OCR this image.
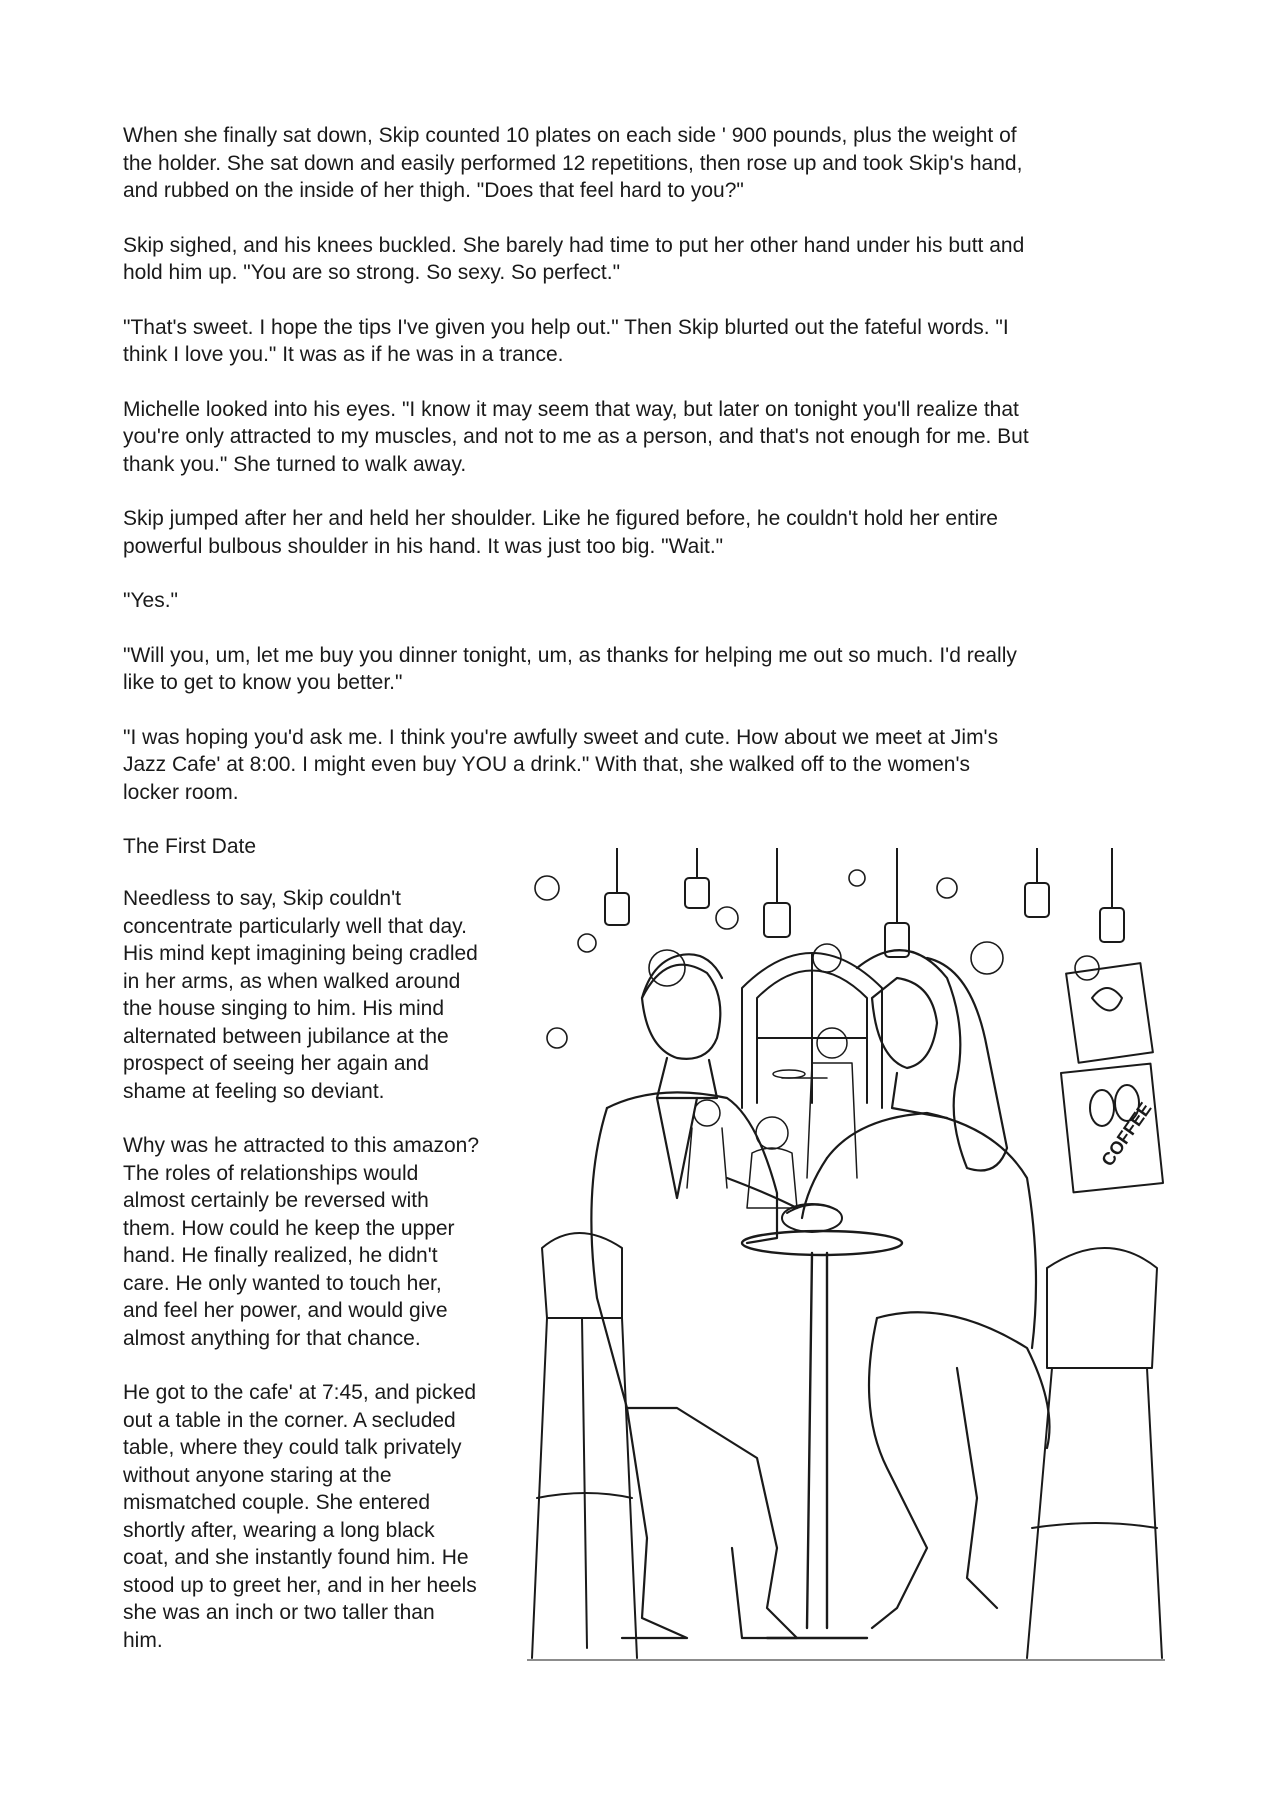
When she finally sat down, Skip counted 10 plates on each side ' 900 pounds, plus the weight of
the holder. She sat down and easily performed 12 repetitions, then rose up and took Skip's hand,
and rubbed on the inside of her thigh. "Does that feel hard to you?"

Skip sighed, and his knees buckled. She barely had time to put her other hand under his butt and
hold him up. "You are so strong. So sexy. So perfect."

"That's sweet. I hope the tips I've given you help out." Then Skip blurted out the fateful words. "I
think I love you." It was as if he was in a trance.

Michelle looked into his eyes. "I know it may seem that way, but later on tonight you'll realize that
you're only attracted to my muscles, and not to me as a person, and that's not enough for me. But
thank you." She turned to walk away.

Skip jumped after her and held her shoulder. Like he figured before, he couldn't hold her entire
powerful bulbous shoulder in his hand. It was just too big. "Wait."

"Yes."

"Will you, um, let me buy you dinner tonight, um, as thanks for helping me out so much. I'd really
like to get to know you better."

"I was hoping you'd ask me. I think you're awfully sweet and cute. How about we meet at Jim's
Jazz Cafe' at 8:00. I might even buy YOU a drink." With that, she walked off to the women's
locker room.

The First Date

Needless to say, Skip couldn't
concentrate particularly well that day.
His mind kept imagining being cradled
in her arms, as when walked around
the house singing to him. His mind
alternated between jubilance at the
prospect of seeing her again and
shame at feeling so deviant.

Why was he attracted to this amazon?
The roles of relationships would
almost certainly be reversed with
them. How could he keep the upper
hand. He finally realized, he didn't
care. He only wanted to touch her,
and feel her power, and would give
almost anything for that chance.

He got to the cafe' at 7:45, and picked
out a table in the corner. A secluded
table, where they could talk privately
without anyone staring at the
mismatched couple. She entered
shortly after, wearing a long black
coat, and she instantly found him. He
stood up to greet her, and in her heels
she was an inch or two taller than
him.

COFFEE
